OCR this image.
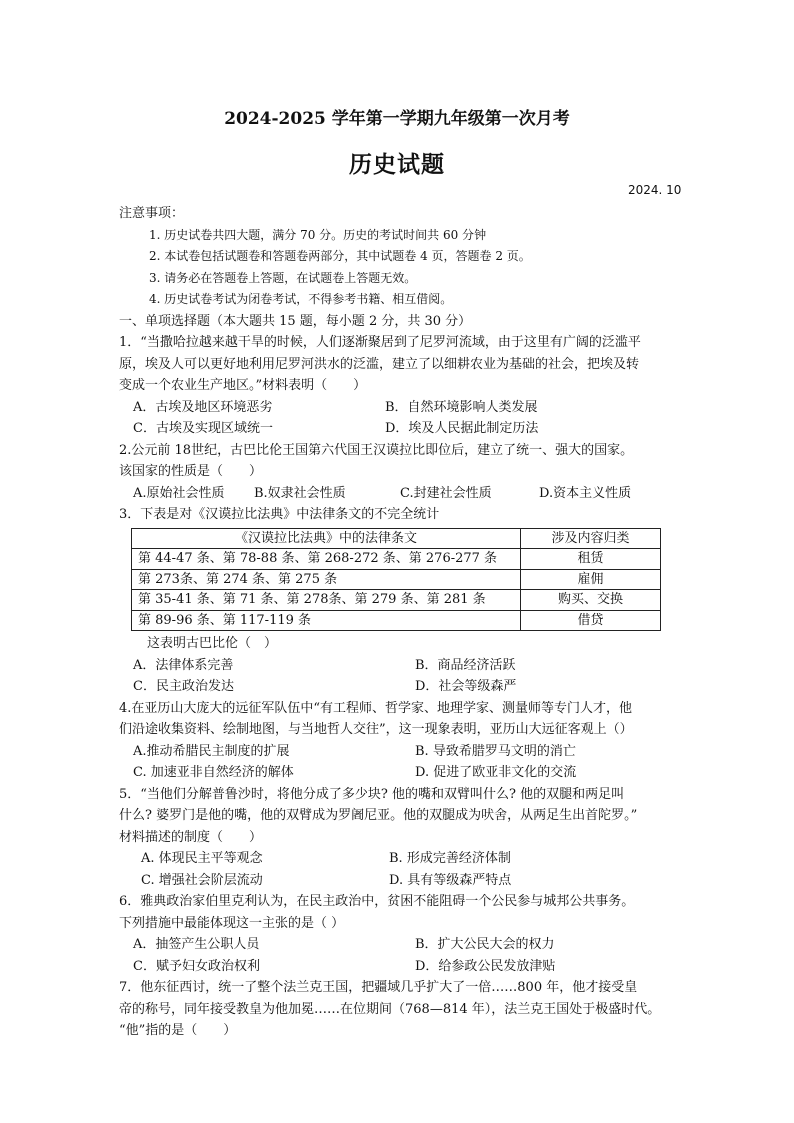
2024-2025 学年第一学期九年级第一次月考
历史试题
2024. 10
注意事项：
1. 历史试卷共四大题，满分 70 分。历史的考试时间共 60 分钟
2. 本试卷包括试题卷和答题卷两部分，其中试题卷 4 页，答题卷 2 页。
3. 请务必在答题卷上答题，在试题卷上答题无效。
4. 历史试卷考试为闭卷考试，不得参考书籍、相互借阅。
一、单项选择题（本大题共 15 题，每小题 2 分，共 30 分）
1．“当撒哈拉越来越干旱的时候，人们逐渐聚居到了尼罗河流域，由于这里有广阔的泛滥平
原，埃及人可以更好地利用尼罗河洪水的泛滥，建立了以细耕农业为基础的社会，把埃及转
变成一个农业生产地区。”材料表明（　　）
A．古埃及地区环境恶劣	B．自然环境影响人类发展
C．古埃及实现区域统一	D．埃及人民据此制定历法
2.公元前 18世纪，古巴比伦王国第六代国王汉谟拉比即位后，建立了统一、强大的国家。
该国家的性质是（　　）
A.原始社会性质	B.奴隶社会性质	C.封建社会性质	D.资本主义性质
3．下表是对《汉谟拉比法典》中法律条文的不完全统计
《汉谟拉比法典》中的法律条文	涉及内容归类
第 44-47 条、第 78-88 条、第 268-272 条、第 276-277 条	租赁
第 273条、第 274 条、第 275 条	雇佣
第 35-41 条、第 71 条、第 278条、第 279 条、第 281 条	购买、交换
第 89-96 条、第 117-119 条	借贷
这表明古巴比伦（　）
A．法律体系完善	B．商品经济活跃
C．民主政治发达	D．社会等级森严
4.在亚历山大庞大的远征军队伍中“有工程师、哲学家、地理学家、测量师等专门人才，他
们沿途收集资料、绘制地图，与当地哲人交往”，这一现象表明，亚历山大远征客观上（）
A.推动希腊民主制度的扩展	B. 导致希腊罗马文明的消亡
C. 加速亚非自然经济的解体	D. 促进了欧亚非文化的交流
5．“当他们分解普鲁沙时，将他分成了多少块? 他的嘴和双臂叫什么? 他的双腿和两足叫
什么? 婆罗门是他的嘴，他的双臂成为罗阇尼亚。他的双腿成为吠舍，从两足生出首陀罗。”
材料描述的制度（　　）
A. 体现民主平等观念	B. 形成完善经济体制
C. 增强社会阶层流动	D. 具有等级森严特点
6．雅典政治家伯里克利认为，在民主政治中，贫困不能阻碍一个公民参与城邦公共事务。
下列措施中最能体现这一主张的是（ ）
A．抽签产生公职人员	B．扩大公民大会的权力
C．赋予妇女政治权利	D．给参政公民发放津贴
7．他东征西讨，统一了整个法兰克王国，把疆域几乎扩大了一倍……800 年，他才接受皇
帝的称号，同年接受教皇为他加冕……在位期间（768—814 年），法兰克王国处于极盛时代。
“他”指的是（　　）
